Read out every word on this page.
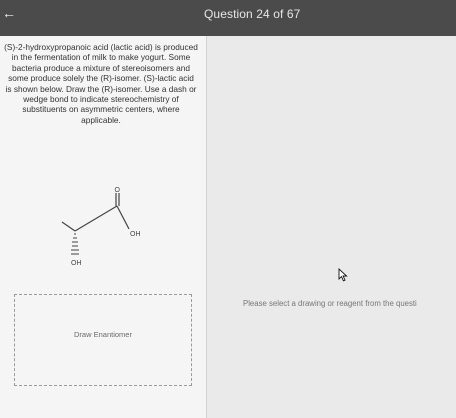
←	Question 24 of 67
(S)-2-hydroxypropanoic acid (lactic acid) is produced in the fermentation of milk to make yogurt. Some bacteria produce a mixture of stereoisomers and some produce solely the (R)-isomer. (S)-lactic acid is shown below. Draw the (R)-isomer. Use a dash or wedge bond to indicate stereochemistry of substituents on asymmetric centers, where applicable.
O
OH
OH
Draw Enantiomer
Please select a drawing or reagent from the questi
